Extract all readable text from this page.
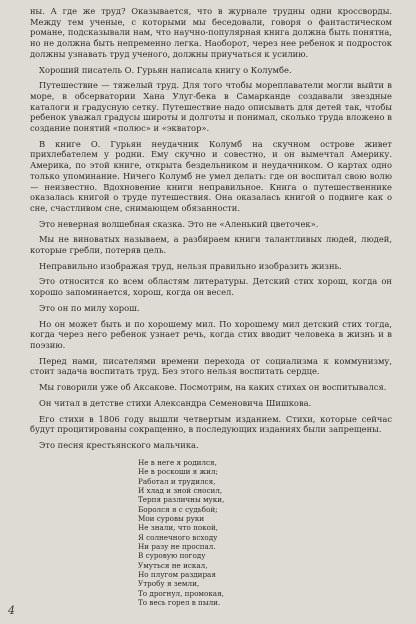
ны. А где же труд? Оказывается, что в журнале трудны одни кроссворды. Между тем ученые, с которыми мы беседовали, говоря о фантастическом романе, подсказывали нам, что научно-популярная книга должна быть понятна, но не должна быть непременно легка. Наоборот, через нее ребенок и подросток должны узнавать труд ученого, должны приучаться к усилию.

Хороший писатель О. Гурьян написала книгу о Колумбе.

Путешествие — тяжелый труд. Для того чтобы мореплаватели могли выйти в море, в обсерватории Хана Улуг-бека в Самарканде создавали звездные каталоги и градусную сетку. Путешествие надо описывать для детей так, чтобы ребенок уважал градусы широты и долготы и понимал, сколько труда вложено в создание понятий «полюс» и «экватор».

В книге О. Гурьян неудачник Колумб на скучном острове живет прихлебателем у родни. Ему скучно и совестно, и он вымечтал Америку. Америка, по этой книге, открыта бездельником и неудачником. О картах одно только упоминание. Ничего Колумб не умел делать: где он воспитал свою волю — неизвестно. Вдохновение книги неправильное. Книга о путешественнике оказалась книгой о труде путешествия. Она оказалась книгой о подвиге как о сне, счастливом сне, снимающем обязанности.

Это неверная волшебная сказка. Это не «Аленький цветочек».

Мы не виноватых называем, а разбираем книги талантливых людей, людей, которые гребли, потеряв цель.

Неправильно изображая труд, нельзя правильно изобразить жизнь.

Это относится ко всем областям литературы. Детский стих хорош, когда он хорошо запоминается, хорош, когда он весел.

Это он по милу хорош.

Но он может быть и по хорошему мил. По хорошему мил детский стих тогда, когда через него ребенок узнает речь, когда стих вводит человека в жизнь и в поэзию.

Перед нами, писателями времени перехода от социализма к коммунизму, стоит задача воспитать труд. Без этого нельзя воспитать сердце.

Мы говорили уже об Аксакове. Посмотрим, на каких стихах он воспитывался.

Он читал в детстве стихи Александра Семеновича Шишкова.

Его стихи в 1806 году вышли четвертым изданием. Стихи, которые сейчас будут процитированы сокращенно, в последующих изданиях были запрещены.

Это песня крестьянского мальчика.

Не в неге я родился,
Не в роскоши я жил;
Работал и трудился,
И хлад и зной сносил,
Терпя различны муки,
Боролся я с судьбой;
Мои суровы руки
Не знали, что покой,
Я солнечного всходу
Ни разу не проспал.
В суровую погоду
Умуться не искал,
Но плугом раздирая
Утробу я земли,
То дрогнул, промокая,
То весь горел в пыли.
4
